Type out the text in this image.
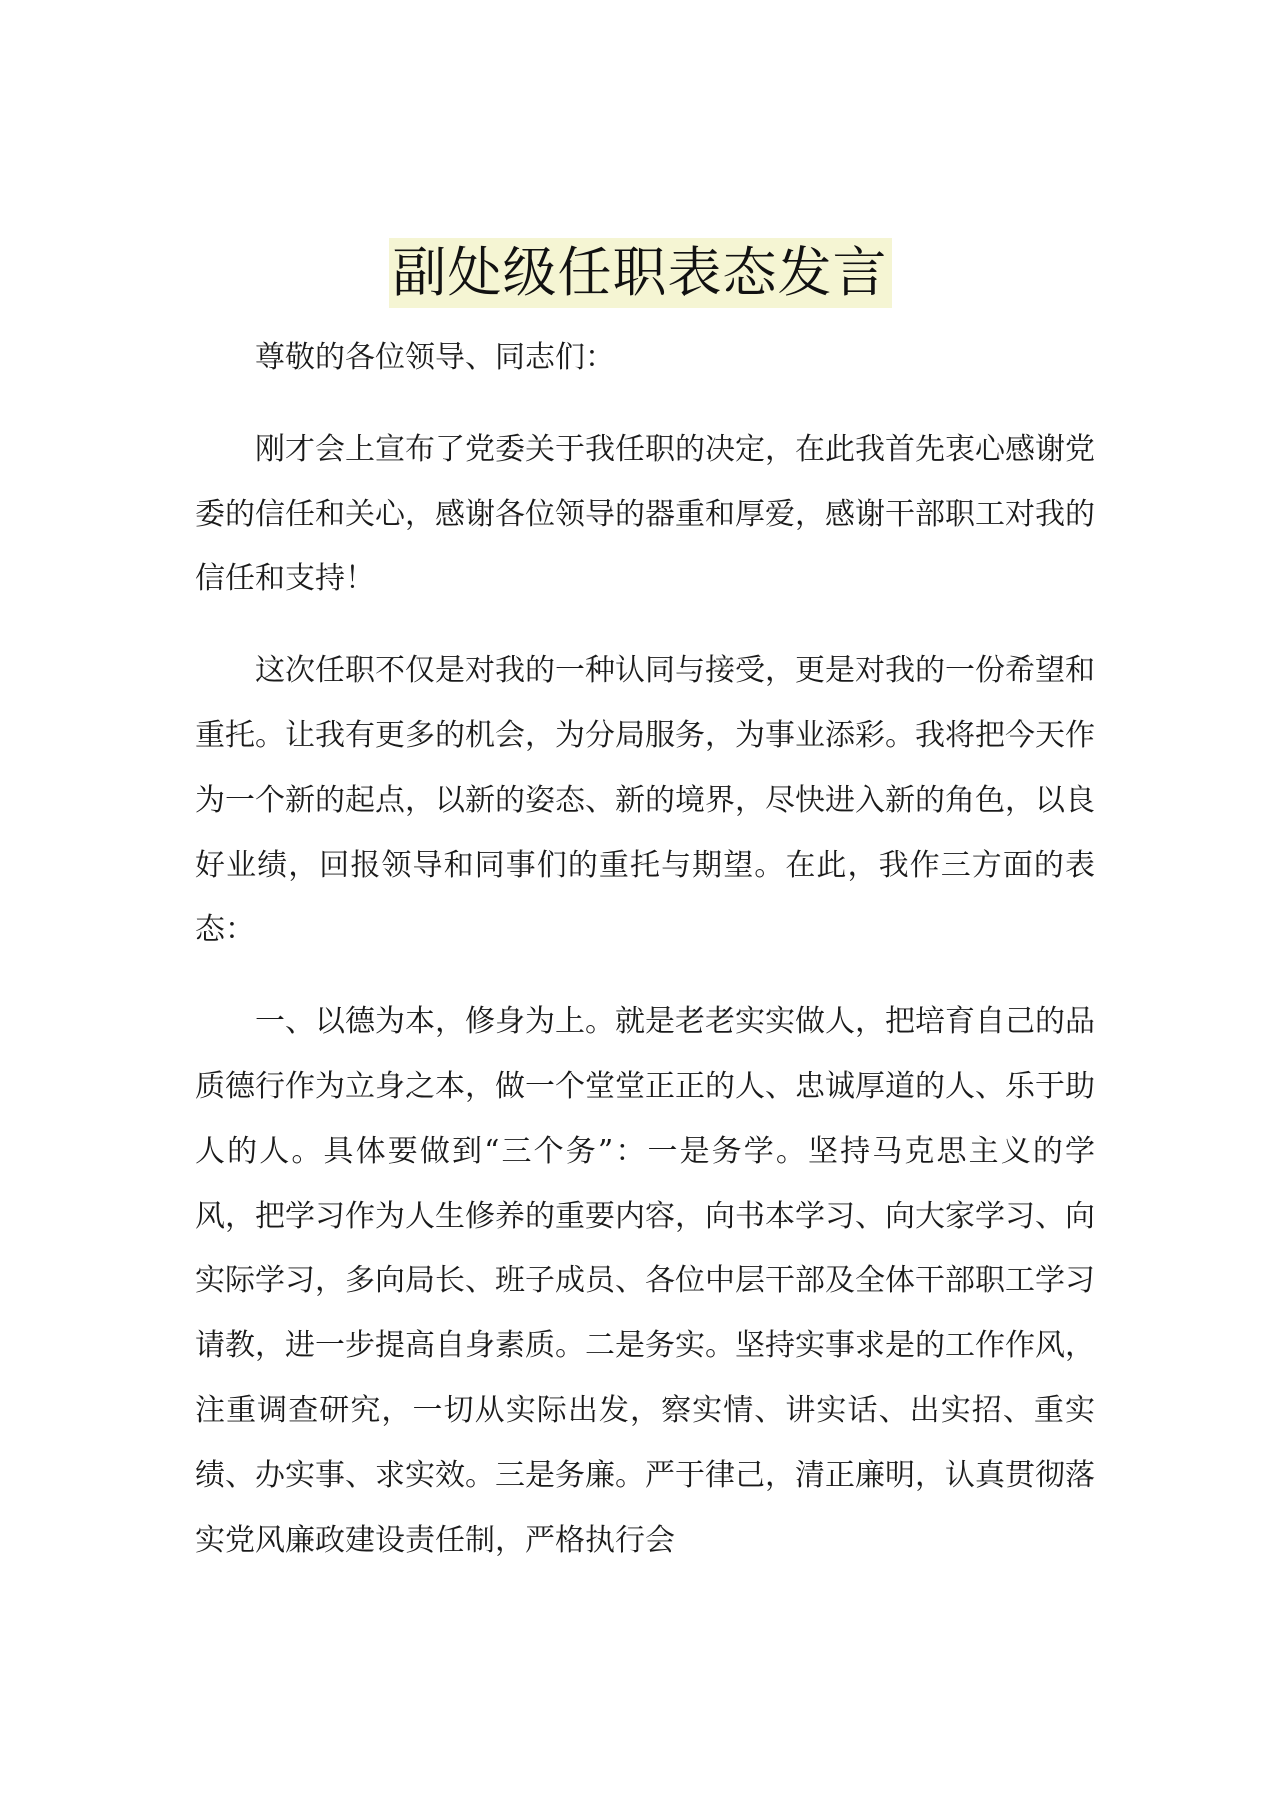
副处级任职表态发言

尊敬的各位领导、同志们：

刚才会上宣布了党委关于我任职的决定，在此我首先衷心感谢党委的信任和关心，感谢各位领导的器重和厚爱，感谢干部职工对我的信任和支持！

这次任职不仅是对我的一种认同与接受，更是对我的一份希望和重托。让我有更多的机会，为分局服务，为事业添彩。我将把今天作为一个新的起点，以新的姿态、新的境界，尽快进入新的角色，以良好业绩，回报领导和同事们的重托与期望。在此，我作三方面的表态：

一、以德为本，修身为上。就是老老实实做人，把培育自己的品质德行作为立身之本，做一个堂堂正正的人、忠诚厚道的人、乐于助人的人。具体要做到“三个务”：一是务学。坚持马克思主义的学风，把学习作为人生修养的重要内容，向书本学习、向大家学习、向实际学习，多向局长、班子成员、各位中层干部及全体干部职工学习请教，进一步提高自身素质。二是务实。坚持实事求是的工作作风，注重调查研究，一切从实际出发，察实情、讲实话、出实招、重实绩、办实事、求实效。三是务廉。严于律己，清正廉明，认真贯彻落实党风廉政建设责任制，严格执行会
